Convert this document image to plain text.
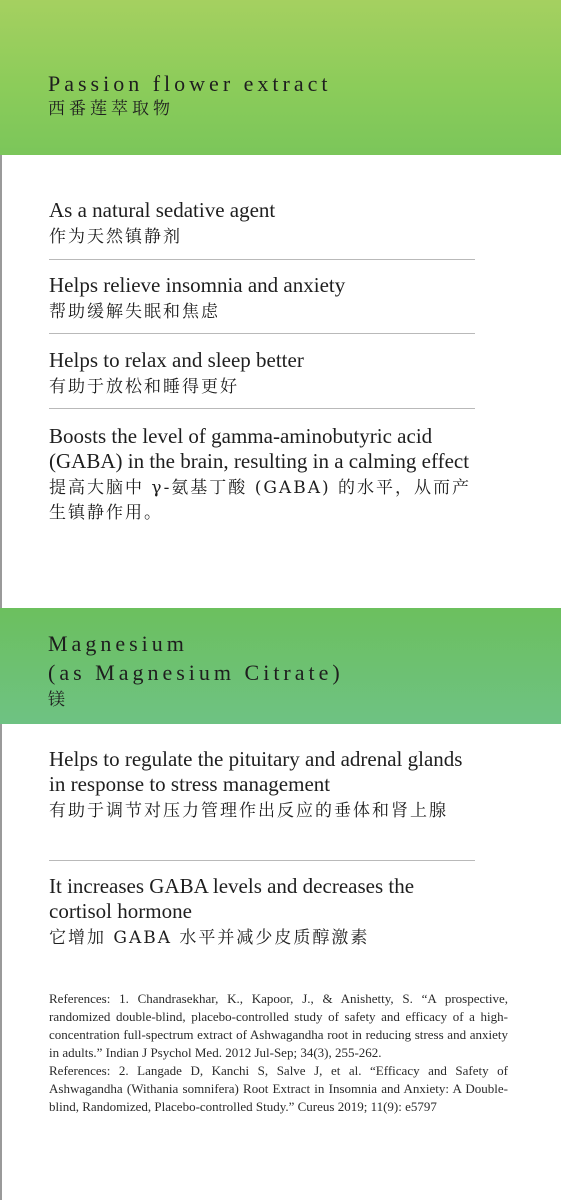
Passion flower extract
西番莲萃取物
As a natural sedative agent
作为天然镇静剂
Helps relieve insomnia and anxiety
帮助缓解失眠和焦虑
Helps to relax and sleep better
有助于放松和睡得更好
Boosts the level of gamma-aminobutyric acid (GABA) in the brain, resulting in a calming effect
提高大脑中 γ-氨基丁酸 (GABA) 的水平，从而产生镇静作用。
Magnesium
(as Magnesium Citrate)
镁
Helps to regulate the pituitary and adrenal glands in response to stress management
有助于调节对压力管理作出反应的垂体和肾上腺
It increases GABA levels and decreases the cortisol hormone
它增加 GABA 水平并减少皮质醇激素

References: 1. Chandrasekhar, K., Kapoor, J., & Anishetty, S. “A prospective, randomized double-blind, placebo-controlled study of safety and efficacy of a high-concentration full-spectrum extract of Ashwagandha root in reducing stress and anxiety in adults.” Indian J Psychol Med. 2012 Jul-Sep; 34(3), 255-262.

References: 2. Langade D, Kanchi S, Salve J, et al. “Efficacy and Safety of Ashwagandha (Withania somnifera) Root Extract in Insomnia and Anxiety: A Double-blind, Randomized, Placebo-controlled Study.” Cureus 2019; 11(9): e5797
